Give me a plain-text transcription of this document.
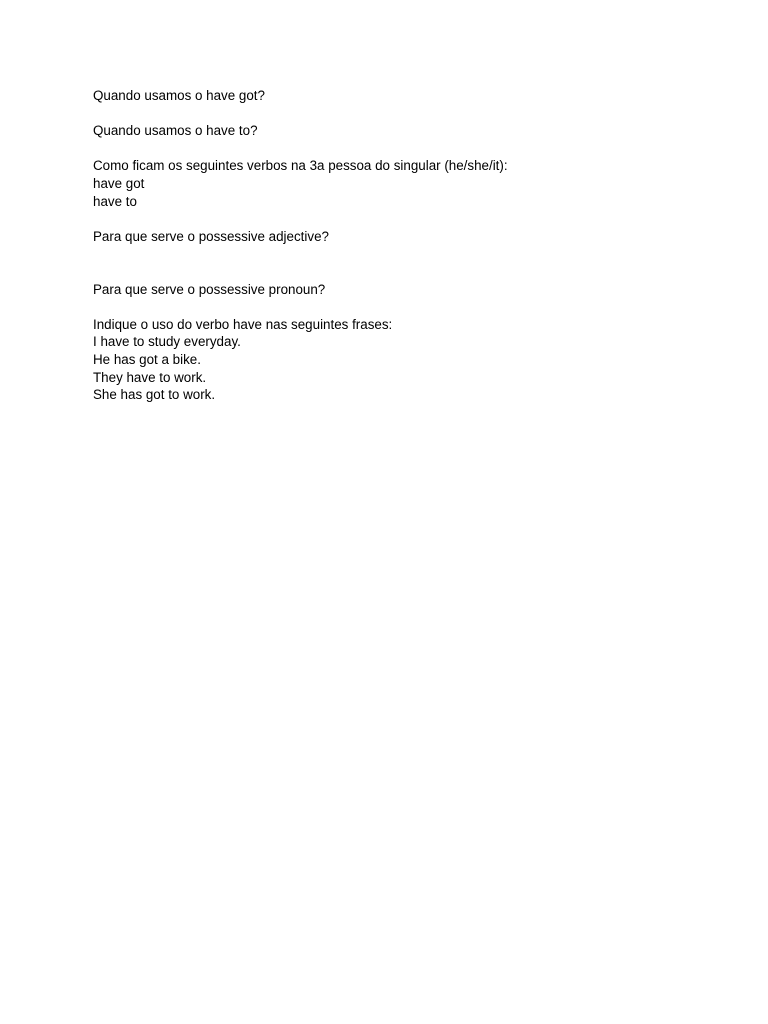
Quando usamos o have got?
Quando usamos o have to?
Como ficam os seguintes verbos na 3a pessoa do singular (he/she/it):
have got
have to
Para que serve o possessive adjective?
Para que serve o possessive pronoun?
Indique o uso do verbo have nas seguintes frases:
I have to study everyday.
He has got a bike.
They have to work.
She has got to work.
